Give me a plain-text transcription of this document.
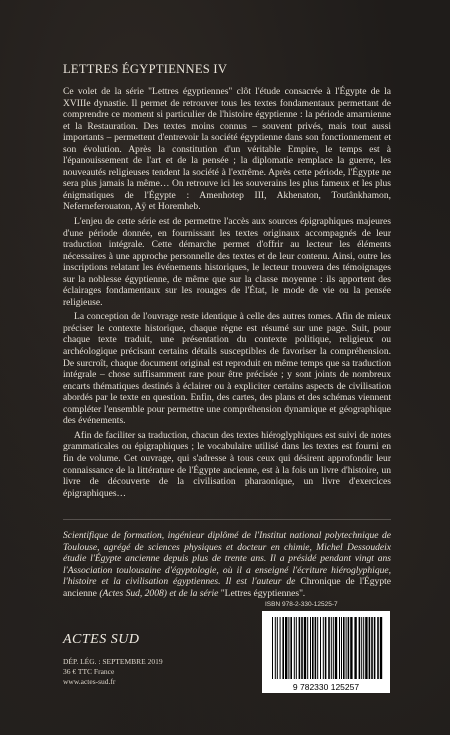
LETTRES ÉGYPTIENNES IV

Ce volet de la série "Lettres égyptiennes" clôt l'étude consacrée à l'Égypte de la XVIIIe dynastie. Il permet de retrouver tous les textes fondamentaux permettant de comprendre ce moment si particulier de l'histoire égyptienne : la période amarnienne et la Restauration. Des textes moins connus – souvent privés, mais tout aussi importants – permettent d'entrevoir la société égyptienne dans son fonctionnement et son évolution. Après la constitution d'un véritable Empire, le temps est à l'épanouissement de l'art et de la pensée ; la diplomatie remplace la guerre, les nouveautés religieuses tendent la société à l'extrême. Après cette période, l'Égypte ne sera plus jamais la même… On retrouve ici les souverains les plus fameux et les plus énigmatiques de l'Égypte : Amenhotep III, Akhenaton, Toutânkhamon, Neferneferouaton, Aÿ et Horemheb.

L'enjeu de cette série est de permettre l'accès aux sources épigraphiques majeures d'une période donnée, en fournissant les textes originaux accompagnés de leur traduction intégrale. Cette démarche permet d'offrir au lecteur les éléments nécessaires à une approche personnelle des textes et de leur contenu. Ainsi, outre les inscriptions relatant les événements historiques, le lecteur trouvera des témoignages sur la noblesse égyptienne, de même que sur la classe moyenne : ils apportent des éclairages fondamentaux sur les rouages de l'État, le mode de vie ou la pensée religieuse.

La conception de l'ouvrage reste identique à celle des autres tomes. Afin de mieux préciser le contexte historique, chaque règne est résumé sur une page. Suit, pour chaque texte traduit, une présentation du contexte politique, religieux ou archéologique précisant certains détails susceptibles de favoriser la compréhension. De surcroît, chaque document original est reproduit en même temps que sa traduction intégrale – chose suffisamment rare pour être précisée ; y sont joints de nombreux encarts thématiques destinés à éclairer ou à expliciter certains aspects de civilisation abordés par le texte en question. Enfin, des cartes, des plans et des schémas viennent compléter l'ensemble pour permettre une compréhension dynamique et géographique des événements.

Afin de faciliter sa traduction, chacun des textes hiéroglyphiques est suivi de notes grammaticales ou épigraphiques ; le vocabulaire utilisé dans les textes est fourni en fin de volume. Cet ouvrage, qui s'adresse à tous ceux qui désirent approfondir leur connaissance de la littérature de l'Égypte ancienne, est à la fois un livre d'histoire, un livre de découverte de la civilisation pharaonique, un livre d'exercices épigraphiques…

Scientifique de formation, ingénieur diplômé de l'Institut national polytechnique de Toulouse, agrégé de sciences physiques et docteur en chimie, Michel Dessoudeix étudie l'Égypte ancienne depuis plus de trente ans. Il a présidé pendant vingt ans l'Association toulousaine d'égyptologie, où il a enseigné l'écriture hiéroglyphique, l'histoire et la civilisation égyptiennes. Il est l'auteur de Chronique de l'Égypte ancienne (Actes Sud, 2008) et de la série "Lettres égyptiennes".
ISBN 978-2-330-12525-7
9 782330 125257
ACTES SUD
DÉP. LÉG. : SEPTEMBRE 2019
36 € TTC France
www.actes-sud.fr
